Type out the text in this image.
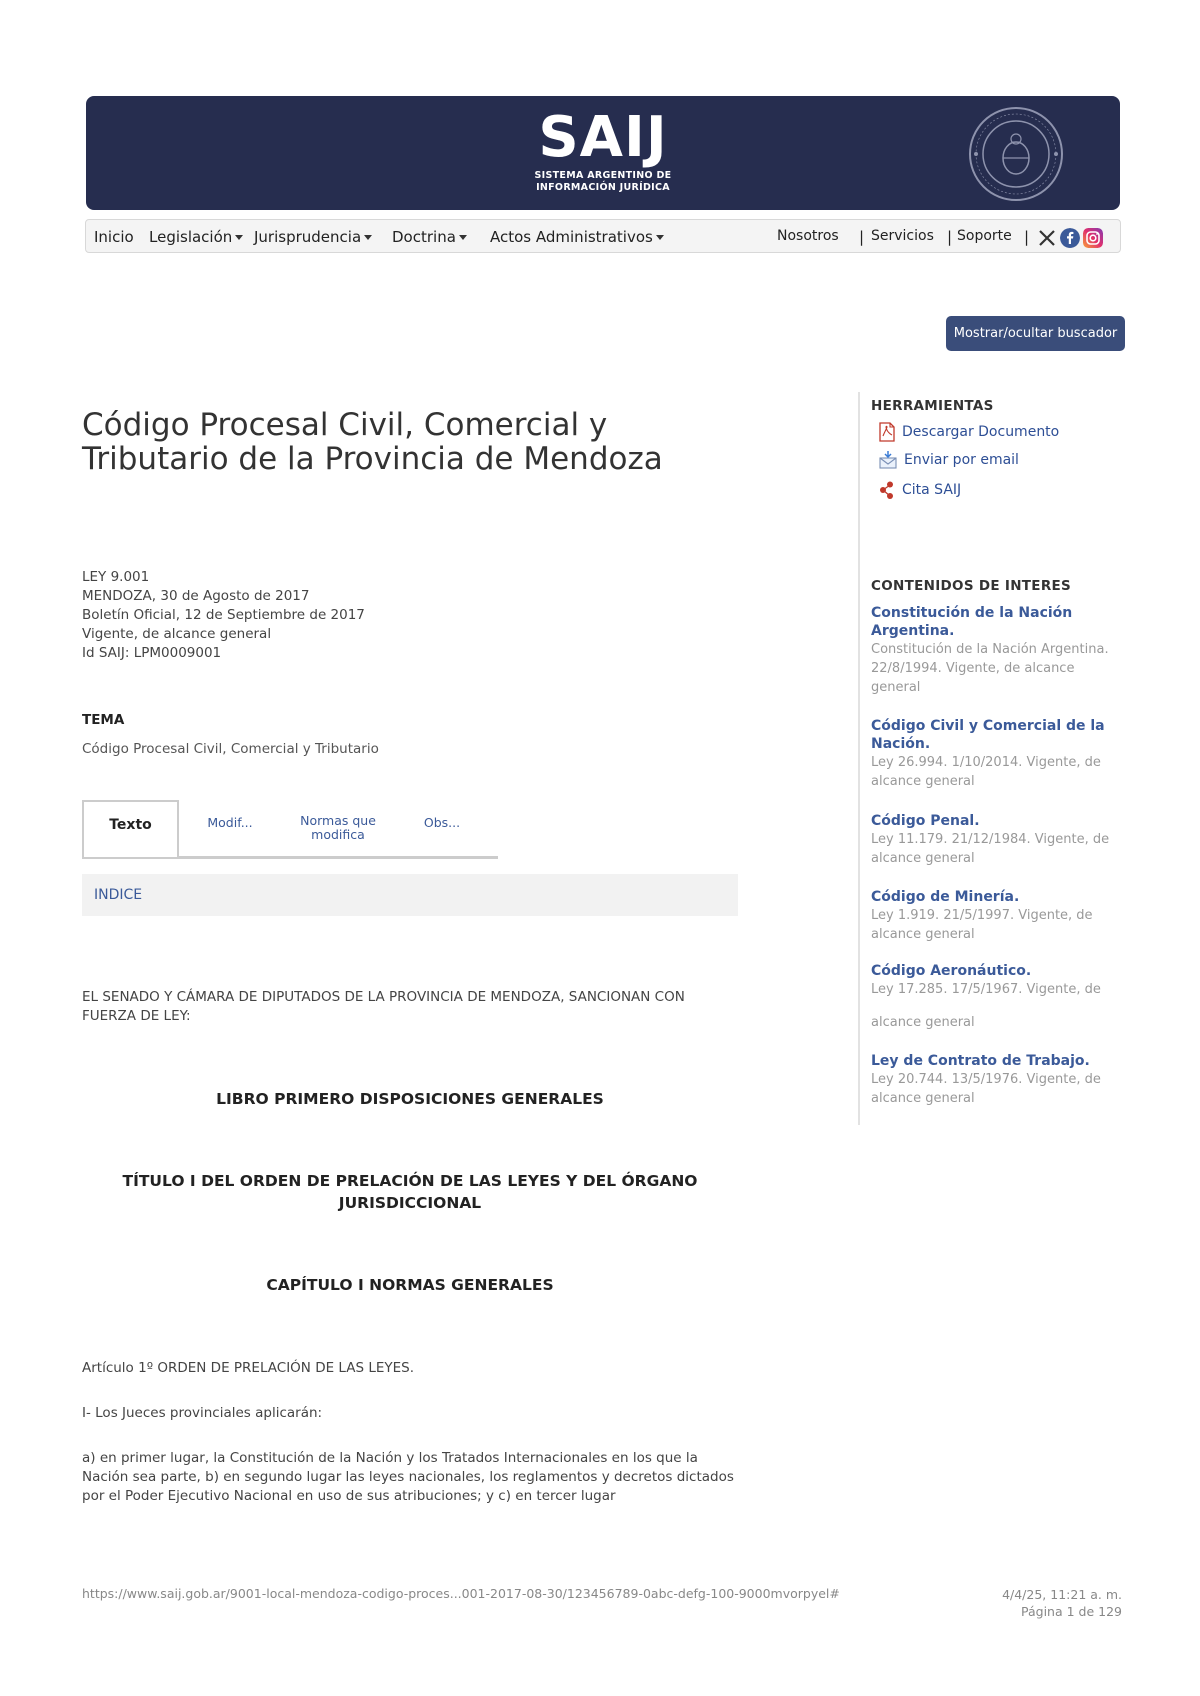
SAIJ
SISTEMA ARGENTINO DE
INFORMACIÓN JURÍDICA
Inicio Legislación	Jurisprudencia	Doctrina	Actos Administrativos	Nosotros | Servicios | Soporte |
Mostrar/ocultar buscador
Código Procesal Civil, Comercial y Tributario de la Provincia de Mendoza
LEY 9.001
MENDOZA, 30 de Agosto de 2017
Boletín Oficial, 12 de Septiembre de 2017
Vigente, de alcance general
Id SAIJ: LPM0009001
TEMA
Código Procesal Civil, Comercial y Tributario
Texto	Modif...	Normas que modifica
Obs...
INDICE
EL SENADO Y CÁMARA DE DIPUTADOS DE LA PROVINCIA DE MENDOZA, SANCIONAN CON FUERZA DE LEY:
LIBRO PRIMERO DISPOSICIONES GENERALES
TÍTULO I DEL ORDEN DE PRELACIÓN DE LAS LEYES Y DEL ÓRGANO JURISDICCIONAL
CAPÍTULO I NORMAS GENERALES
Artículo 1º ORDEN DE PRELACIÓN DE LAS LEYES.
I- Los Jueces provinciales aplicarán:
a) en primer lugar, la Constitución de la Nación y los Tratados Internacionales en los que la Nación sea parte, b) en segundo lugar las leyes nacionales, los reglamentos y decretos dictados por el Poder Ejecutivo Nacional en uso de sus atribuciones; y c) en tercer lugar
HERRAMIENTAS
Descargar Documento
Enviar por email
Cita SAIJ
CONTENIDOS DE INTERES
Constitución de la Nación Argentina.
Constitución de la Nación Argentina. 22/8/1994. Vigente, de alcance general
Código Civil y Comercial de la Nación.
Ley 26.994. 1/10/2014. Vigente, de alcance general
Código Penal.
Ley 11.179. 21/12/1984. Vigente, de alcance general
Código de Minería.
Ley 1.919. 21/5/1997. Vigente, de alcance general
Código Aeronáutico.
Ley 17.285. 17/5/1967. Vigente, de
alcance general
Ley de Contrato de Trabajo.
Ley 20.744. 13/5/1976. Vigente, de alcance general
https://www.saij.gob.ar/9001-local-mendoza-codigo-proces...001-2017-08-30/123456789-0abc-defg-100-9000mvorpyel#	4/4/25, 11:21 a. m.
Página 1 de 129
